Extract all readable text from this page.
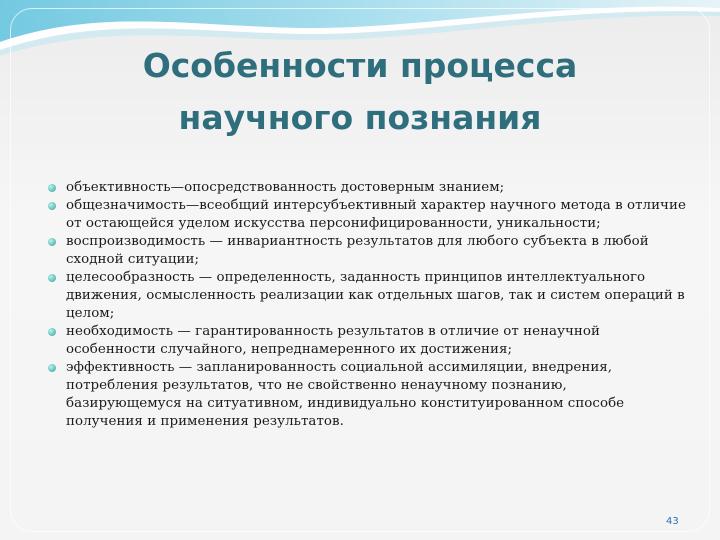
Особенности процесса
научного познания
объективность—опосредствованность достоверным знанием;
общезначимость—всеобщий интерсубъективный характер научного метода в отличие от остающейся уделом искусства персонифицированности, уникальности;
воспроизводимость — инвариантность результатов для любого субъекта в любой сходной ситуации;
целесообразность — определенность, заданность принципов интеллектуального движения, осмысленность реализации как отдельных шагов, так и систем операций в целом;
необходимость — гарантированность результатов в отличие от ненаучной особенности случайного, непреднамеренного их достижения;
эффективность — запланированность социальной ассимиляции, внедрения, потребления результатов, что не свойственно ненаучному познанию, базирующемуся на ситуативном, индивидуально конституированном способе получения и применения результатов.
43
